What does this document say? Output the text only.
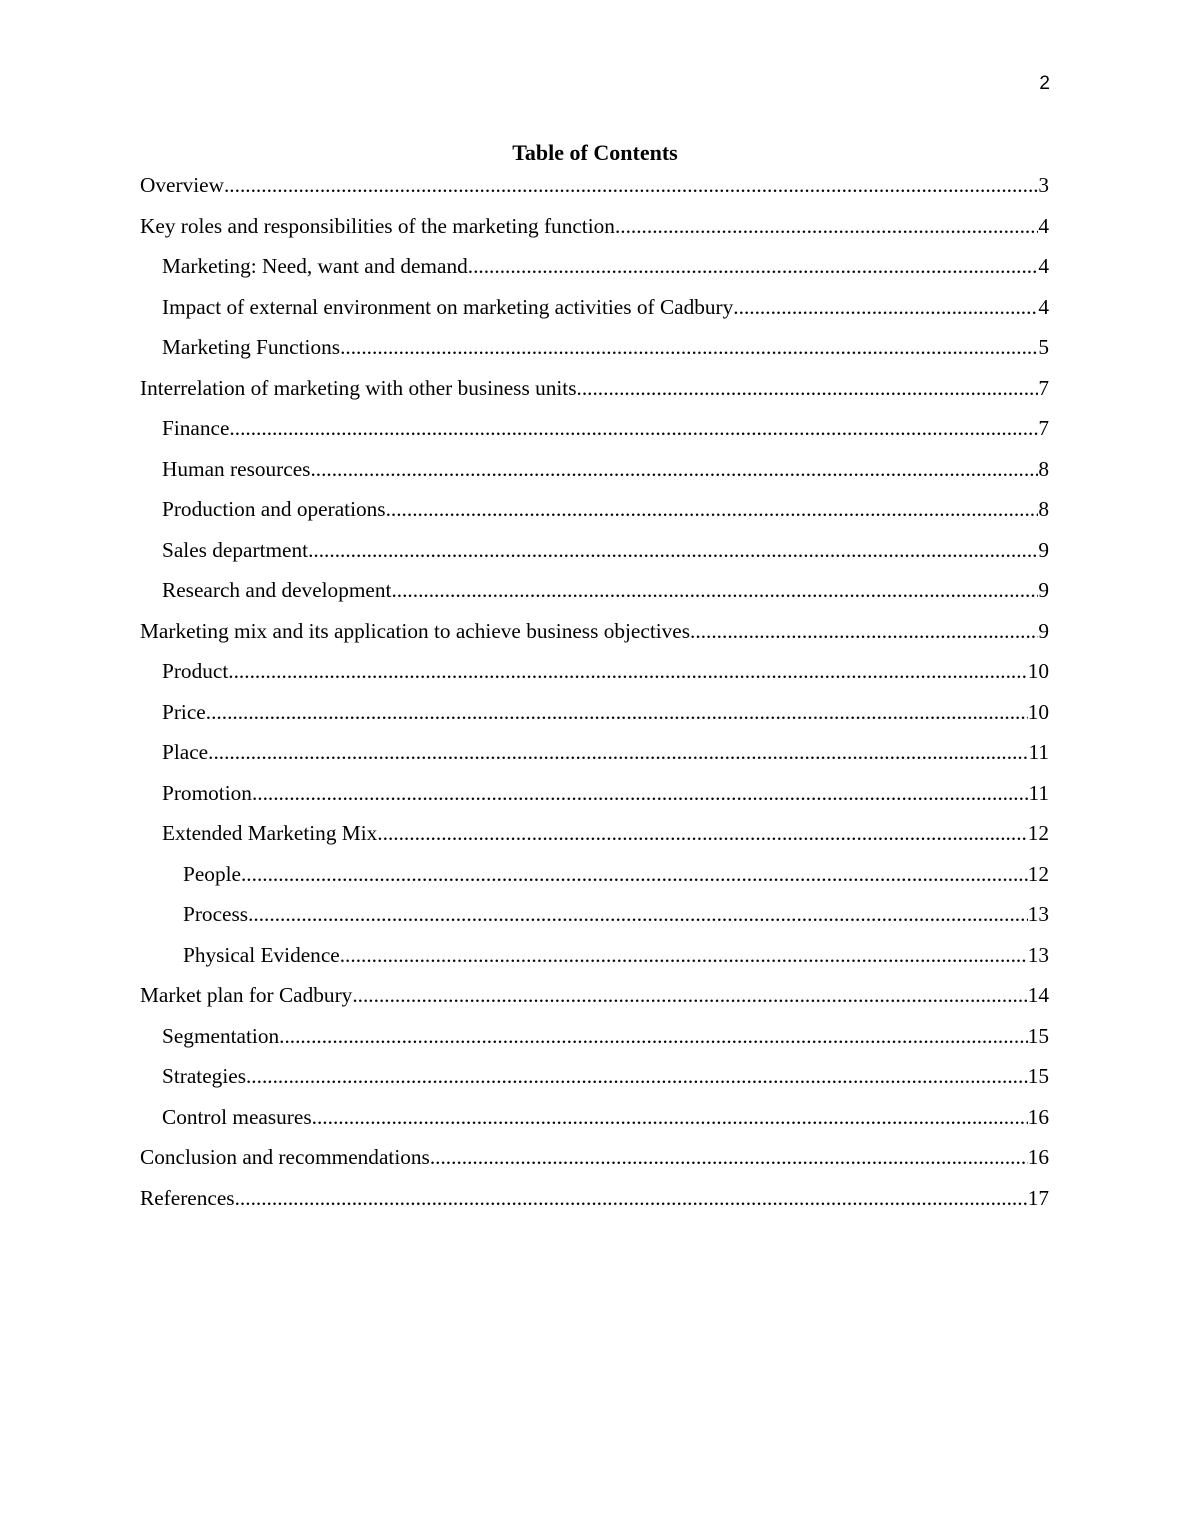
2
Table of Contents
Overview .....	3
Key roles and responsibilities of the marketing function .....	4
Marketing: Need, want and demand .....	4
Impact of external environment on marketing activities of Cadbury .....	4
Marketing Functions .....	5
Interrelation of marketing with other business units .....	7
Finance .....	7
Human resources .....	8
Production and operations .....	8
Sales department .....	9
Research and development .....	9
Marketing mix and its application to achieve business objectives .....	9
Product .....	10
Price .....	10
Place .....	11
Promotion .....	11
Extended Marketing Mix .....	12
People .....	12
Process .....	13
Physical Evidence .....	13
Market plan for Cadbury .....	14
Segmentation .....	15
Strategies .....	15
Control measures .....	16
Conclusion and recommendations .....	16
References .....	17
